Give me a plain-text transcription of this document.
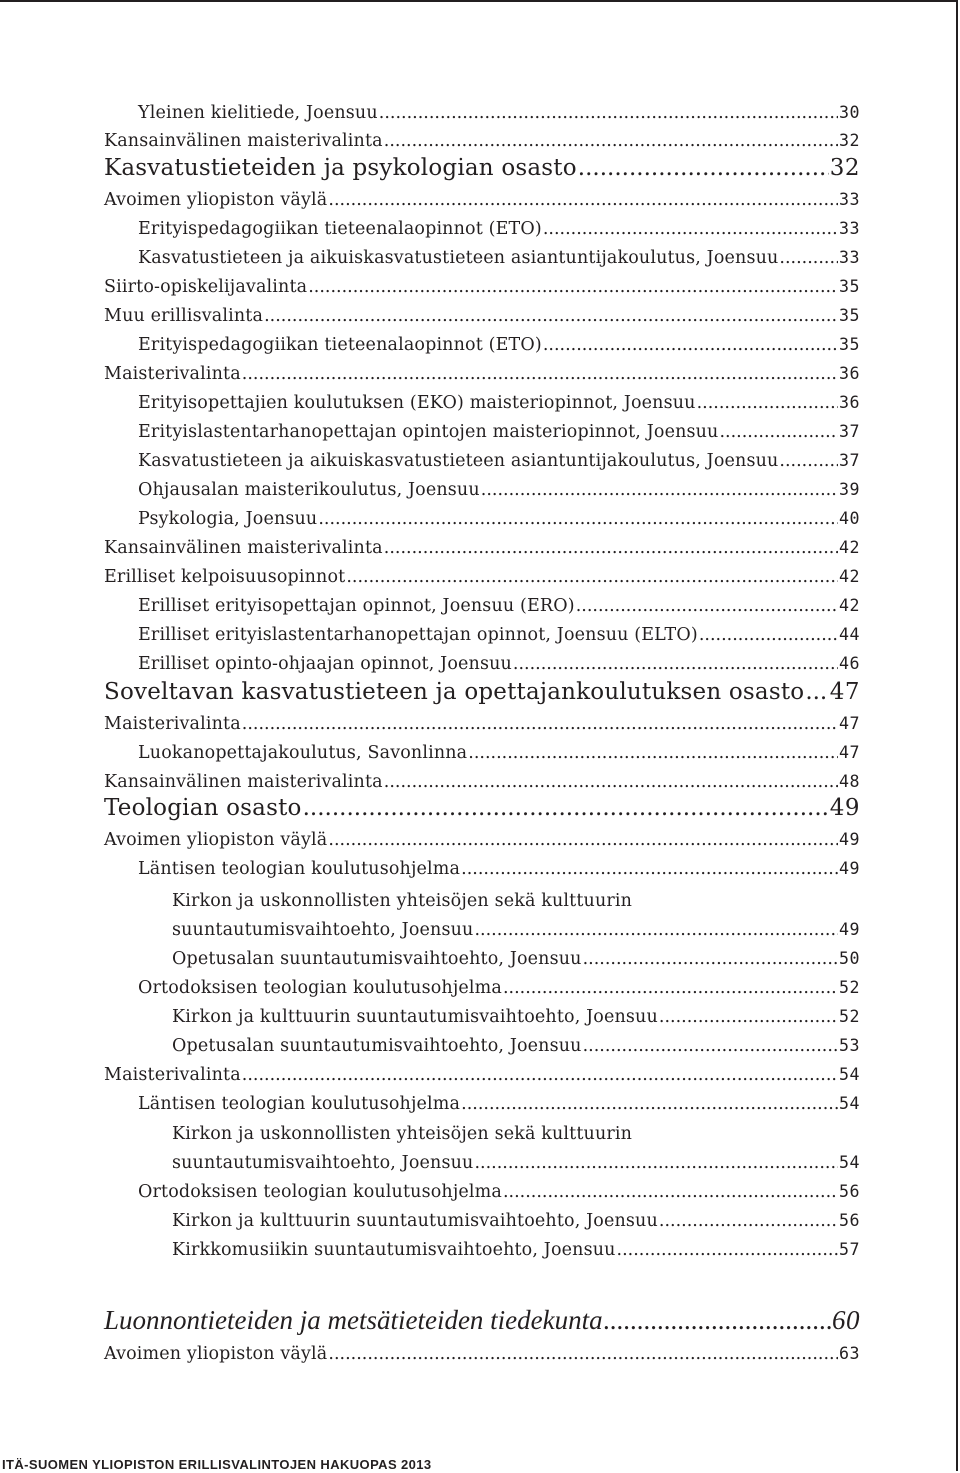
Yleinen kielitiede, Joensuu .....	30
Kansainvälinen maisterivalinta .....	32
Kasvatustieteiden ja psykologian osasto .....	32
Avoimen yliopiston väylä .....	33
Erityispedagogiikan tieteenalaopinnot (ETO) .....	33
Kasvatustieteen ja aikuiskasvatustieteen asiantuntijakoulutus, Joensuu .....	33
Siirto-opiskelijavalinta .....	35
Muu erillisvalinta .....	35
Erityispedagogiikan tieteenalaopinnot (ETO) .....	35
Maisterivalinta .....	36
Erityisopettajien koulutuksen (EKO) maisteriopinnot, Joensuu .....	36
Erityislastentarhanopettajan opintojen maisteriopinnot, Joensuu .....	37
Kasvatustieteen ja aikuiskasvatustieteen asiantuntijakoulutus, Joensuu .....	37
Ohjausalan maisterikoulutus, Joensuu .....	39
Psykologia, Joensuu .....	40
Kansainvälinen maisterivalinta .....	42
Erilliset kelpoisuusopinnot .....	42
Erilliset erityisopettajan opinnot, Joensuu (ERO) .....	42
Erilliset erityislastentarhanopettajan opinnot, Joensuu (ELTO) .....	44
Erilliset opinto-ohjaajan opinnot, Joensuu .....	46
Soveltavan kasvatustieteen ja opettajankoulutuksen osasto ..... 47
Maisterivalinta .....	47
Luokanopettajakoulutus, Savonlinna .....	47
Kansainvälinen maisterivalinta .....	48
Teologian osasto .....	49
Avoimen yliopiston väylä .....	49
Läntisen teologian koulutusohjelma .....	49
Kirkon ja uskonnollisten yhteisöjen sekä kulttuurin
suuntautumisvaihtoehto, Joensuu .....	49
Opetusalan suuntautumisvaihtoehto, Joensuu .....	50
Ortodoksisen teologian koulutusohjelma .....	52
Kirkon ja kulttuurin suuntautumisvaihtoehto, Joensuu .....	52
Opetusalan suuntautumisvaihtoehto, Joensuu .....	53
Maisterivalinta .....	54
Läntisen teologian koulutusohjelma .....	54
Kirkon ja uskonnollisten yhteisöjen sekä kulttuurin
suuntautumisvaihtoehto, Joensuu .....	54
Ortodoksisen teologian koulutusohjelma .....	56
Kirkon ja kulttuurin suuntautumisvaihtoehto, Joensuu .....	56
Kirkkomusiikin suuntautumisvaihtoehto, Joensuu .....	57
Luonnontieteiden ja metsätieteiden tiedekunta .....	60
Avoimen yliopiston väylä .....	63
ITÄ-SUOMEN YLIOPISTON ERILLISVALINTOJEN HAKUOPAS 2013
